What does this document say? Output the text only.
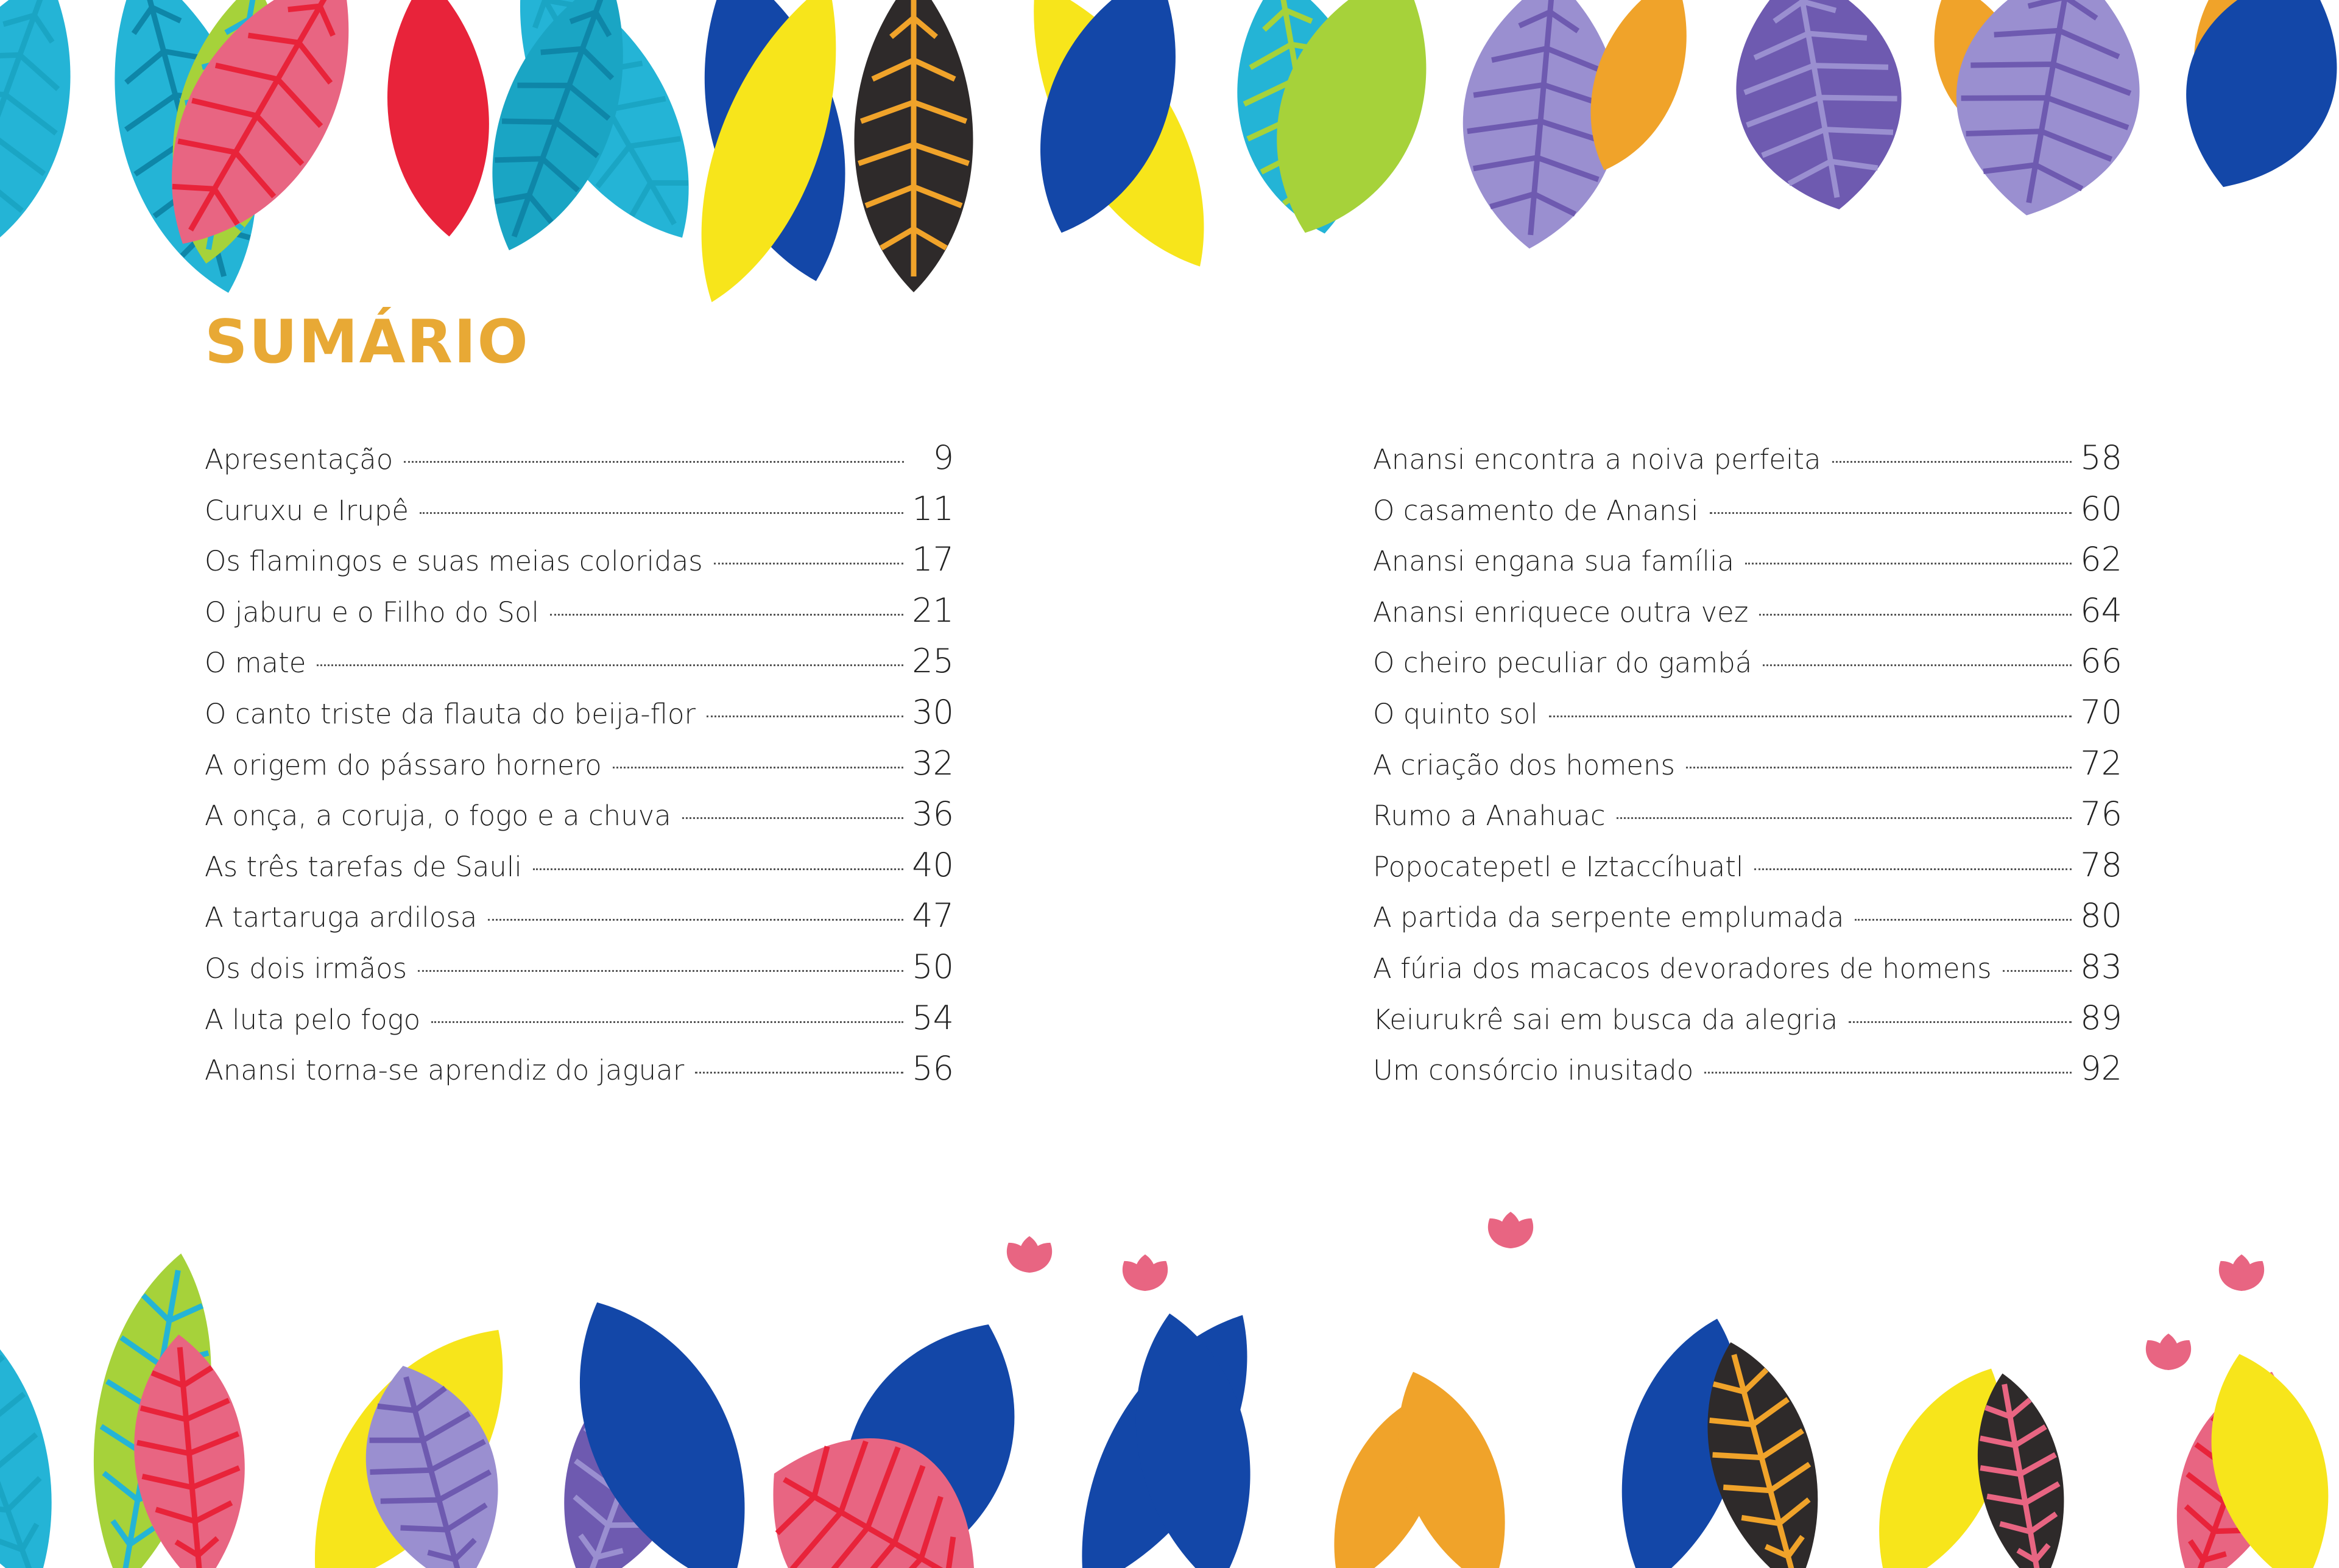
SUMÁRIO
Apresentação	9
Curuxu e Irupê	11
Os flamingos e suas meias coloridas	17
O jaburu e o Filho do Sol	21
O mate	25
O canto triste da flauta do beija-flor	30
A origem do pássaro hornero	32
A onça, a coruja, o fogo e a chuva	36
As três tarefas de Sauli	40
A tartaruga ardilosa	47
Os dois irmãos	50
A luta pelo fogo	54
Anansi torna-se aprendiz do jaguar	56
Anansi encontra a noiva perfeita	58
O casamento de Anansi	60
Anansi engana sua família	62
Anansi enriquece outra vez	64
O cheiro peculiar do gambá	66
O quinto sol	70
A criação dos homens	72
Rumo a Anahuac	76
Popocatepetl e Iztaccíhuatl	78
A partida da serpente emplumada	80
A fúria dos macacos devoradores de homens	83
Keiurukrê sai em busca da alegria	89
Um consórcio inusitado	92
